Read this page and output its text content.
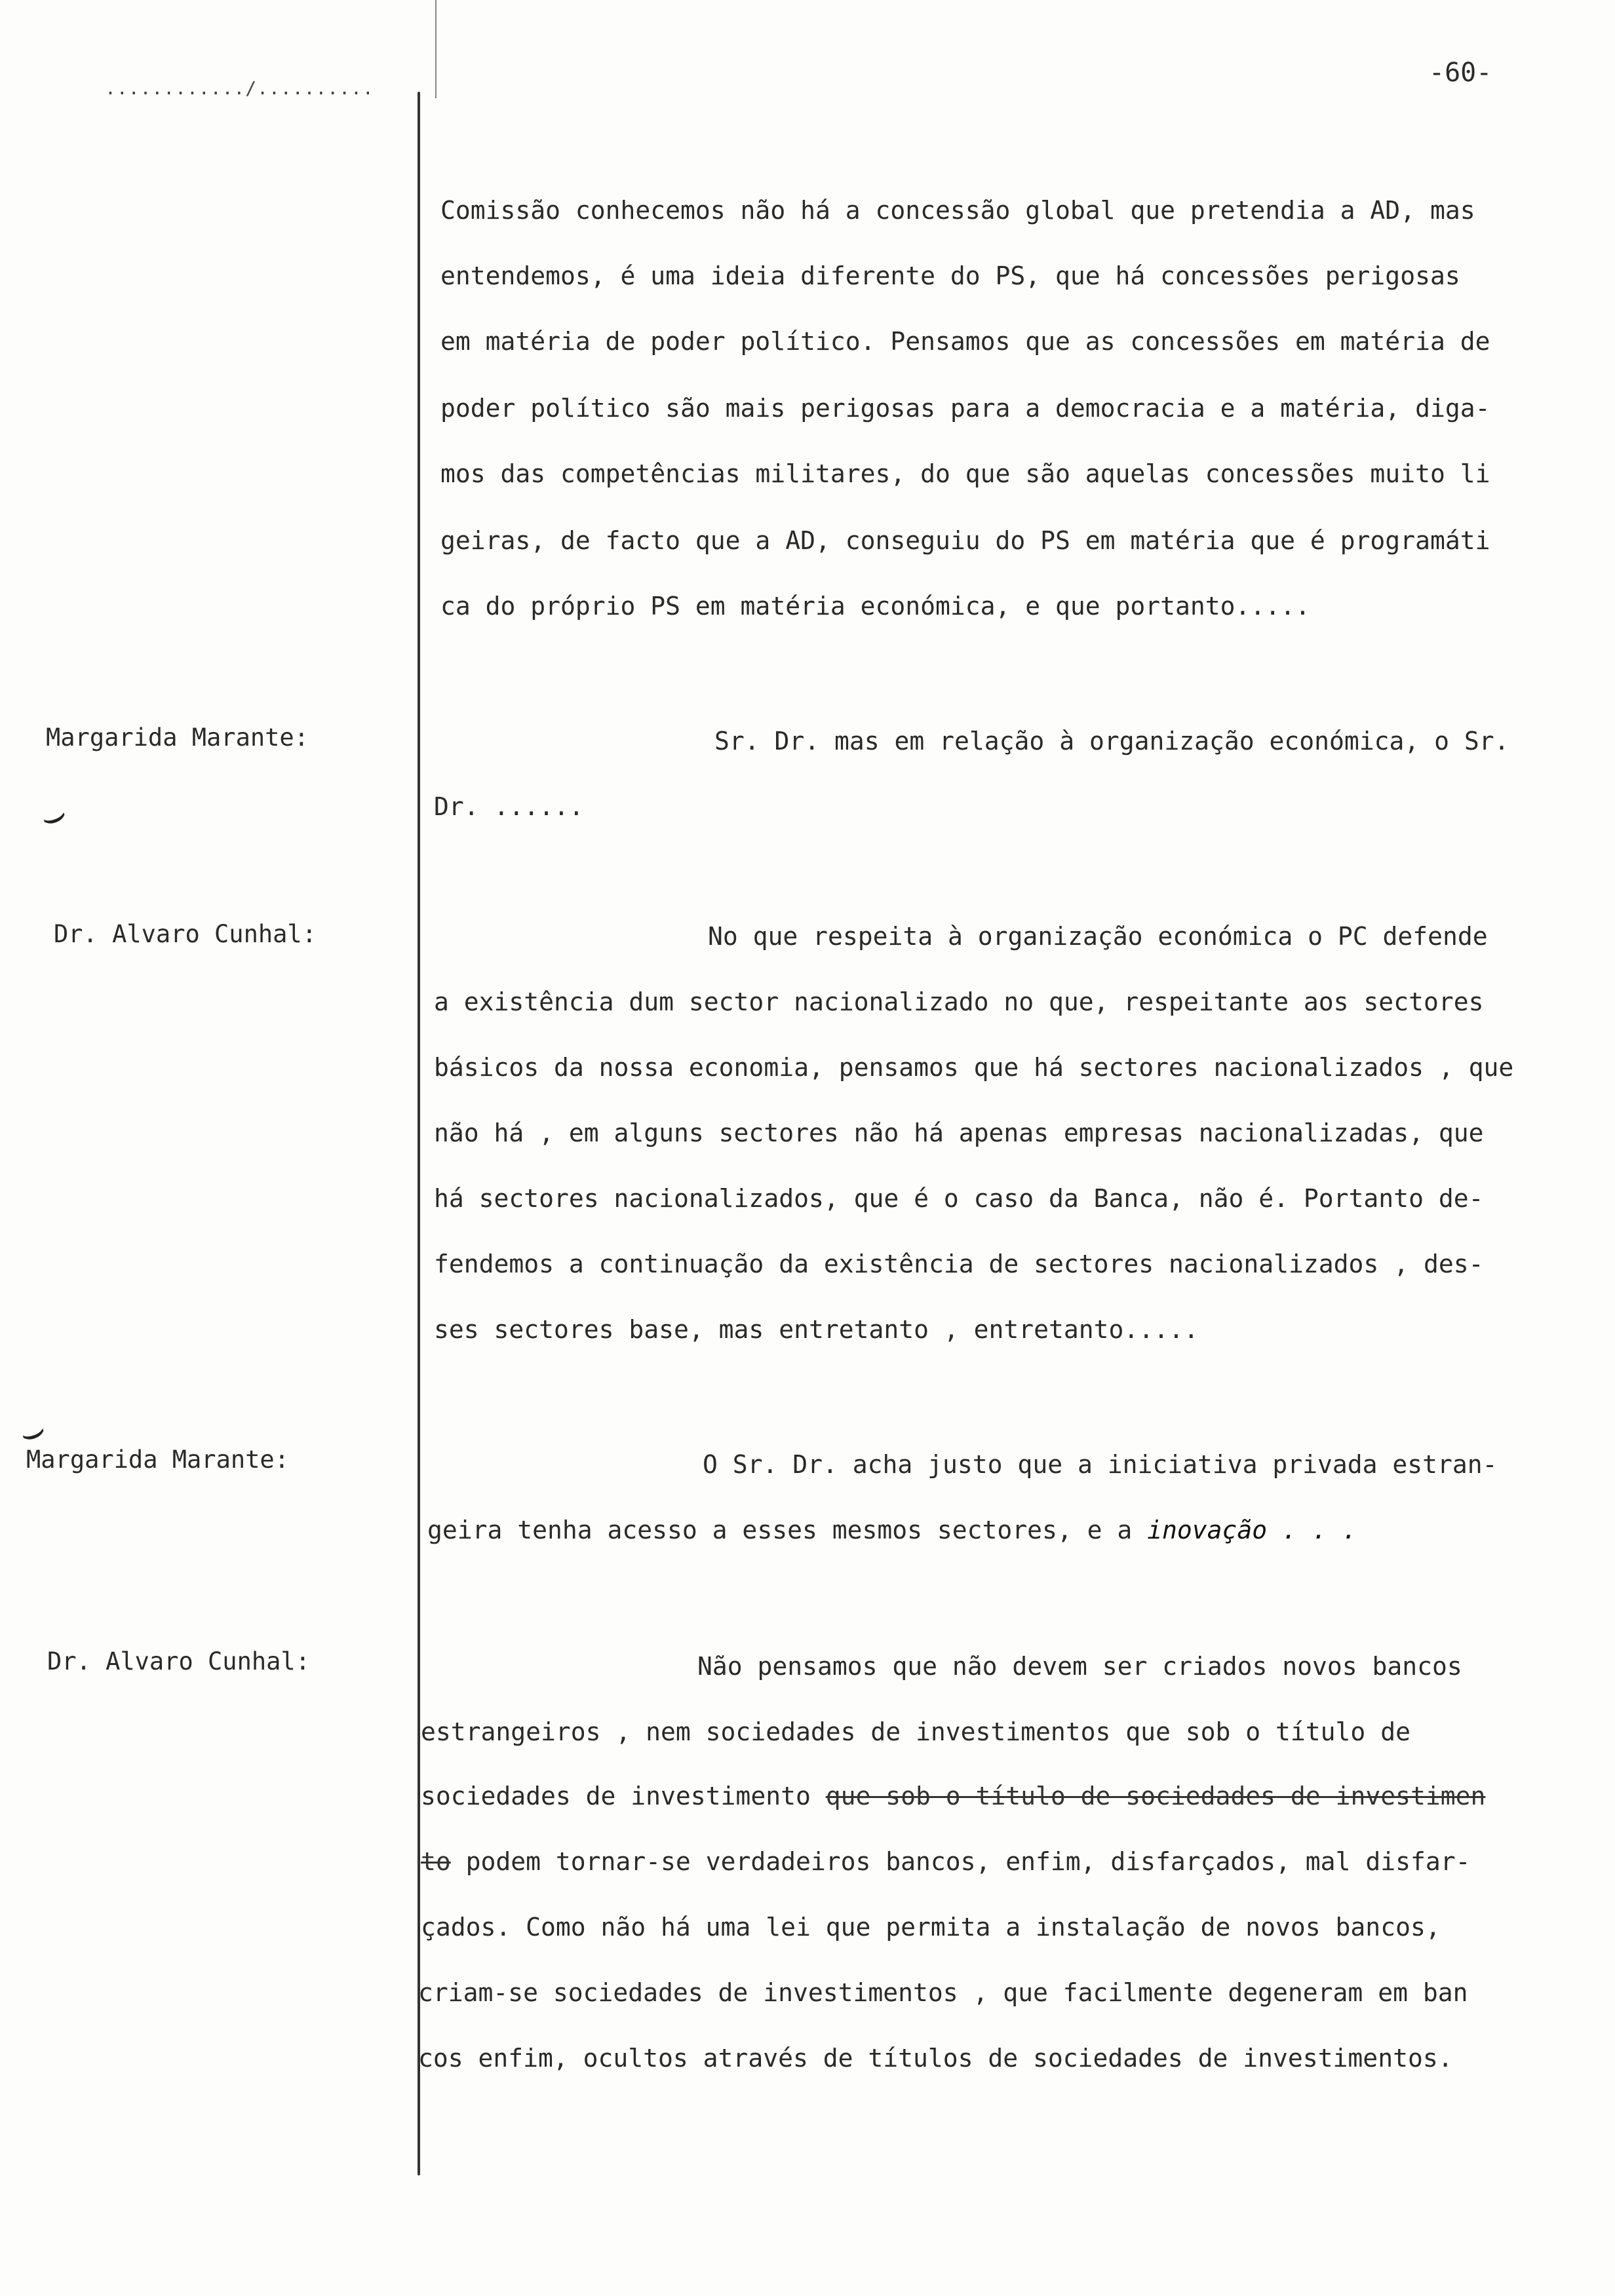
............/..........
-60-
Comissão conhecemos não há a concessão global que pretendia a AD, mas
entendemos, é uma ideia diferente do PS, que há concessões perigosas
em matéria de poder político. Pensamos que as concessões em matéria de
poder político são mais perigosas para a democracia e a matéria, diga-
mos das competências militares, do que são aquelas concessões muito li
geiras, de facto que a AD, conseguiu do PS em matéria que é programáti
ca do próprio PS em matéria económica, e que portanto.....
Margarida Marante:
⌣
Sr. Dr. mas em relação à organização económica, o Sr.
Dr. ......
Dr. Alvaro Cunhal:	No que respeita à organização económica o PC defende
a existência dum sector nacionalizado no que, respeitante aos sectores
básicos da nossa economia, pensamos que há sectores nacionalizados , que
não há , em alguns sectores não há apenas empresas nacionalizadas, que
há sectores nacionalizados, que é o caso da Banca, não é. Portanto de-
fendemos a continuação da existência de sectores nacionalizados , des-
ses sectores base, mas entretanto , entretanto.....
Margarida Marante:
⌣
O Sr. Dr. acha justo que a iniciativa privada estran-
geira tenha acesso a esses mesmos sectores, e a inovação . . .
Dr. Alvaro Cunhal:	Não pensamos que não devem ser criados novos bancos
estrangeiros , nem sociedades de investimentos que sob o título de
sociedades de investimento que sob o título de sociedades de investimen
to podem tornar-se verdadeiros bancos, enfim, disfarçados, mal disfar-
çados. Como não há uma lei que permita a instalação de novos bancos,
criam-se sociedades de investimentos , que facilmente degeneram em ban
cos enfim, ocultos através de títulos de sociedades de investimentos.
